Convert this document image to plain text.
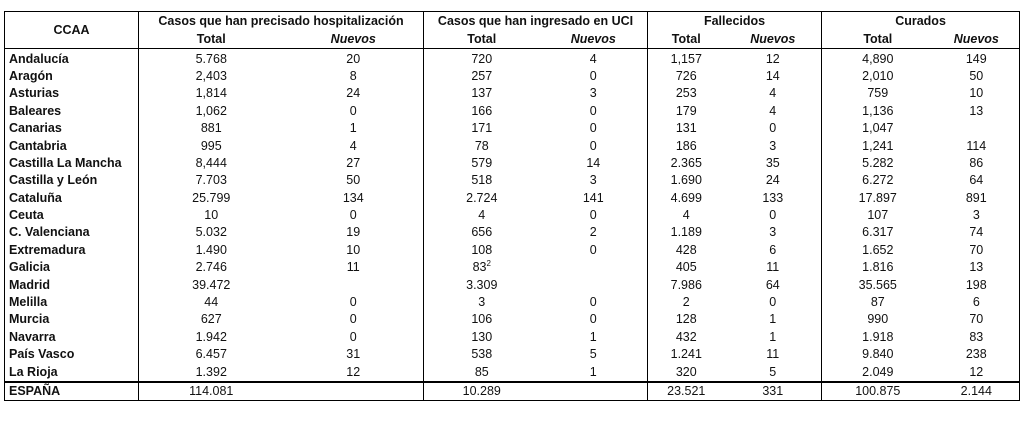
CCAA	Casos que han precisado hospitalización		Casos que han ingresado en UCI		Fallecidos		Curados	
	Total	Nuevos	Total	Nuevos	Total	Nuevos	Total	Nuevos
Andalucía	5.768	20	720	4	1,157	12	4,890	149
Aragón	2,403	8	257	0	726	14	2,010	50
Asturias	1,814	24	137	3	253	4	759	10
Baleares	1,062	0	166	0	179	4	1,136	13
Canarias	881	1	171	0	131	0	1,047	
Cantabria	995	4	78	0	186	3	1,241	114
Castilla La Mancha	8,444	27	579	14	2.365	35	5.282	86
Castilla y León	7.703	50	518	3	1.690	24	6.272	64
Cataluña	25.799	134	2.724	141	4.699	133	17.897	891
Ceuta	10	0	4	0	4	0	107	3
C. Valenciana	5.032	19	656	2	1.189	3	6.317	74
Extremadura	1.490	10	108	0	428	6	1.652	70
Galicia	2.746	11	$83^2$		405	11	1.816	13
Madrid	39.472		3.309		7.986	64	35.565	198
Melilla	44	0	3	0	2	0	87	6
Murcia	627	0	106	0	128	1	990	70
Navarra	1.942	0	130	1	432	1	1.918	83
País Vasco	6.457	31	538	5	1.241	11	9.840	238
La Rioja	1.392	12	85	1	320	5	2.049	12
ESPAÑA	114.081		10.289		23.521	331	100.875	2.144
